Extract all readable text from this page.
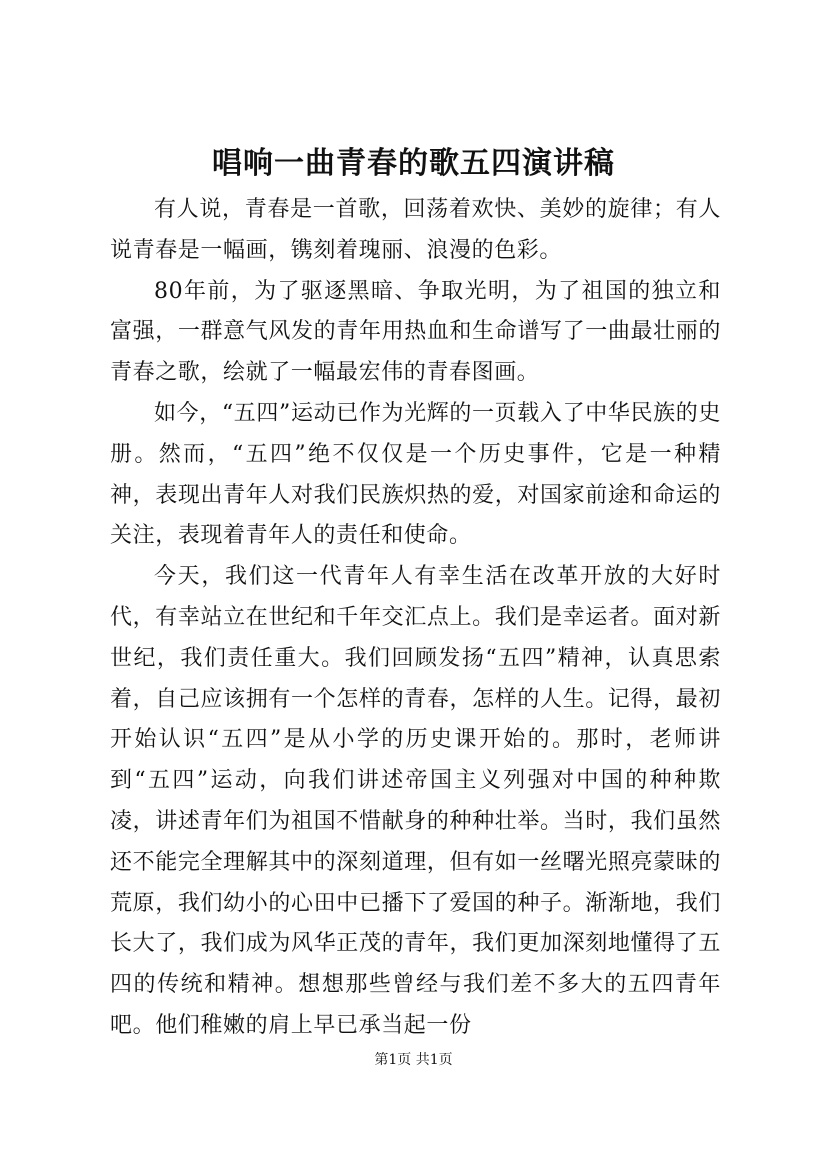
唱响一曲青春的歌五四演讲稿

有人说，青春是一首歌，回荡着欢快、美妙的旋律；有人说青春是一幅画，镌刻着瑰丽、浪漫的色彩。

80年前，为了驱逐黑暗、争取光明，为了祖国的独立和富强，一群意气风发的青年用热血和生命谱写了一曲最壮丽的青春之歌，绘就了一幅最宏伟的青春图画。

如今，“五四”运动已作为光辉的一页载入了中华民族的史册。然而，“五四”绝不仅仅是一个历史事件，它是一种精神，表现出青年人对我们民族炽热的爱，对国家前途和命运的关注，表现着青年人的责任和使命。

今天，我们这一代青年人有幸生活在改革开放的大好时代，有幸站立在世纪和千年交汇点上。我们是幸运者。面对新世纪，我们责任重大。我们回顾发扬“五四”精神，认真思索着，自己应该拥有一个怎样的青春，怎样的人生。记得，最初开始认识“五四”是从小学的历史课开始的。那时，老师讲到“五四”运动，向我们讲述帝国主义列强对中国的种种欺凌，讲述青年们为祖国不惜献身的种种壮举。当时，我们虽然还不能完全理解其中的深刻道理，但有如一丝曙光照亮蒙昧的荒原，我们幼小的心田中已播下了爱国的种子。渐渐地，我们长大了，我们成为风华正茂的青年，我们更加深刻地懂得了五四的传统和精神。想想那些曾经与我们差不多大的五四青年吧。他们稚嫩的肩上早已承当起一份

第1页 共1页
